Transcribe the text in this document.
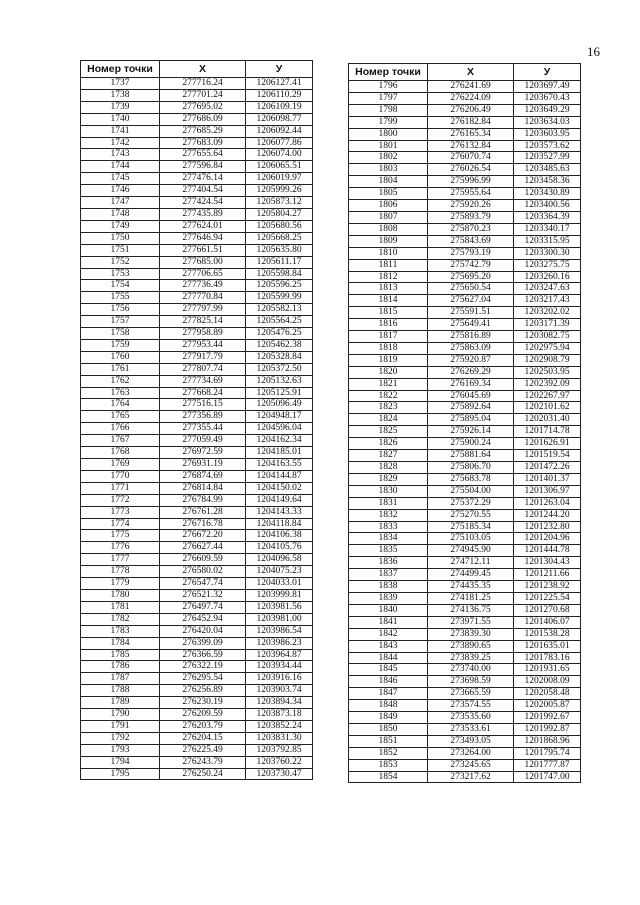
16
Номер точки	X	У
1737	277716.24	1206127.41
1738	277701.24	1206110.29
1739	277695.02	1206109.19
1740	277686.09	1206098.77
1741	277685.29	1206092.44
1742	277683.09	1206077.86
1743	277655.64	1206074.00
1744	277596.84	1206065.51
1745	277476.14	1206019.97
1746	277404.54	1205999.26
1747	277424.54	1205873.12
1748	277435.89	1205804.27
1749	277624.01	1205680.56
1750	277646.94	1205668.25
1751	277661.51	1205635.80
1752	277685.00	1205611.17
1753	277706.65	1205598.84
1754	277736.49	1205596.25
1755	277770.84	1205599.99
1756	277797.99	1205582.13
1757	277825.14	1205564.25
1758	277958.89	1205476.25
1759	277953.44	1205462.38
1760	277917.79	1205328.84
1761	277807.74	1205372.50
1762	277734.69	1205132.63
1763	277668.24	1205125.91
1764	277516.15	1205096.49
1765	277356.89	1204948.17
1766	277355.44	1204596.04
1767	277059.49	1204162.34
1768	276972.59	1204185.01
1769	276931.19	1204163.55
1770	276874.69	1204144.87
1771	276814.84	1204150.02
1772	276784.99	1204149.64
1773	276761.28	1204143.33
1774	276716.78	1204118.84
1775	276672.20	1204106.38
1776	276627.44	1204105.76
1777	276609.59	1204096.58
1778	276580.02	1204075.23
1779	276547.74	1204033.01
1780	276521.32	1203999.81
1781	276497.74	1203981.56
1782	276452.94	1203981.00
1783	276420.04	1203986.54
1784	276399.09	1203986.23
1785	276366.59	1203964.87
1786	276322.19	1203934.44
1787	276295.54	1203916.16
1788	276256.89	1203903.74
1789	276230.19	1203894.34
1790	276209.59	1203873.18
1791	276203.79	1203852.24
1792	276204.15	1203831.30
1793	276225.49	1203792.85
1794	276243.79	1203760.22
1795	276250.24	1203730.47
Номер точки	X	У
1796	276241.69	1203697.49
1797	276224.09	1203670.43
1798	276206.49	1203649.29
1799	276182.84	1203634.03
1800	276165.34	1203603.95
1801	276132.84	1203573.62
1802	276070.74	1203527.99
1803	276026.54	1203485.63
1804	275996.99	1203458.36
1805	275955.64	1203430.89
1806	275920.26	1203400.56
1807	275893.79	1203364.39
1808	275870.23	1203340.17
1809	275843.69	1203315.95
1810	275793.19	1203300.30
1811	275742.79	1203275.75
1812	275695.20	1203260.16
1813	275650.54	1203247.63
1814	275627.04	1203217.43
1815	275591.51	1203202.02
1816	275649.41	1203171.39
1817	275816.89	1203082.75
1818	275863.09	1202975.94
1819	275920.87	1202908.79
1820	276269.29	1202503.95
1821	276169.34	1202392.09
1822	276045.69	1202267.97
1823	275892.64	1202101.62
1824	275895.04	1202031.40
1825	275926.14	1201714.78
1826	275900.24	1201626.91
1827	275881.64	1201519.54
1828	275806.70	1201472.26
1829	275683.78	1201401.37
1830	275504.00	1201306.97
1831	275372.29	1201263.04
1832	275270.55	1201244.20
1833	275185.34	1201232.80
1834	275103.05	1201204.96
1835	274945.90	1201444.78
1836	274712.11	1201304.43
1837	274499.45	1201211.66
1838	274435.35	1201238.92
1839	274181.25	1201225.54
1840	274136.75	1201270.68
1841	273971.55	1201406.07
1842	273839.30	1201538.28
1843	273890.65	1201635.01
1844	273839.25	1201783.16
1845	273740.00	1201931.65
1846	273698.59	1202008.09
1847	273665.59	1202058.48
1848	273574.55	1202005.87
1849	273535.60	1201992.67
1850	273533.61	1201992.87
1851	273493.05	1201868.96
1852	273264.00	1201795.74
1853	273245.65	1201777.87
1854	273217.62	1201747.00
